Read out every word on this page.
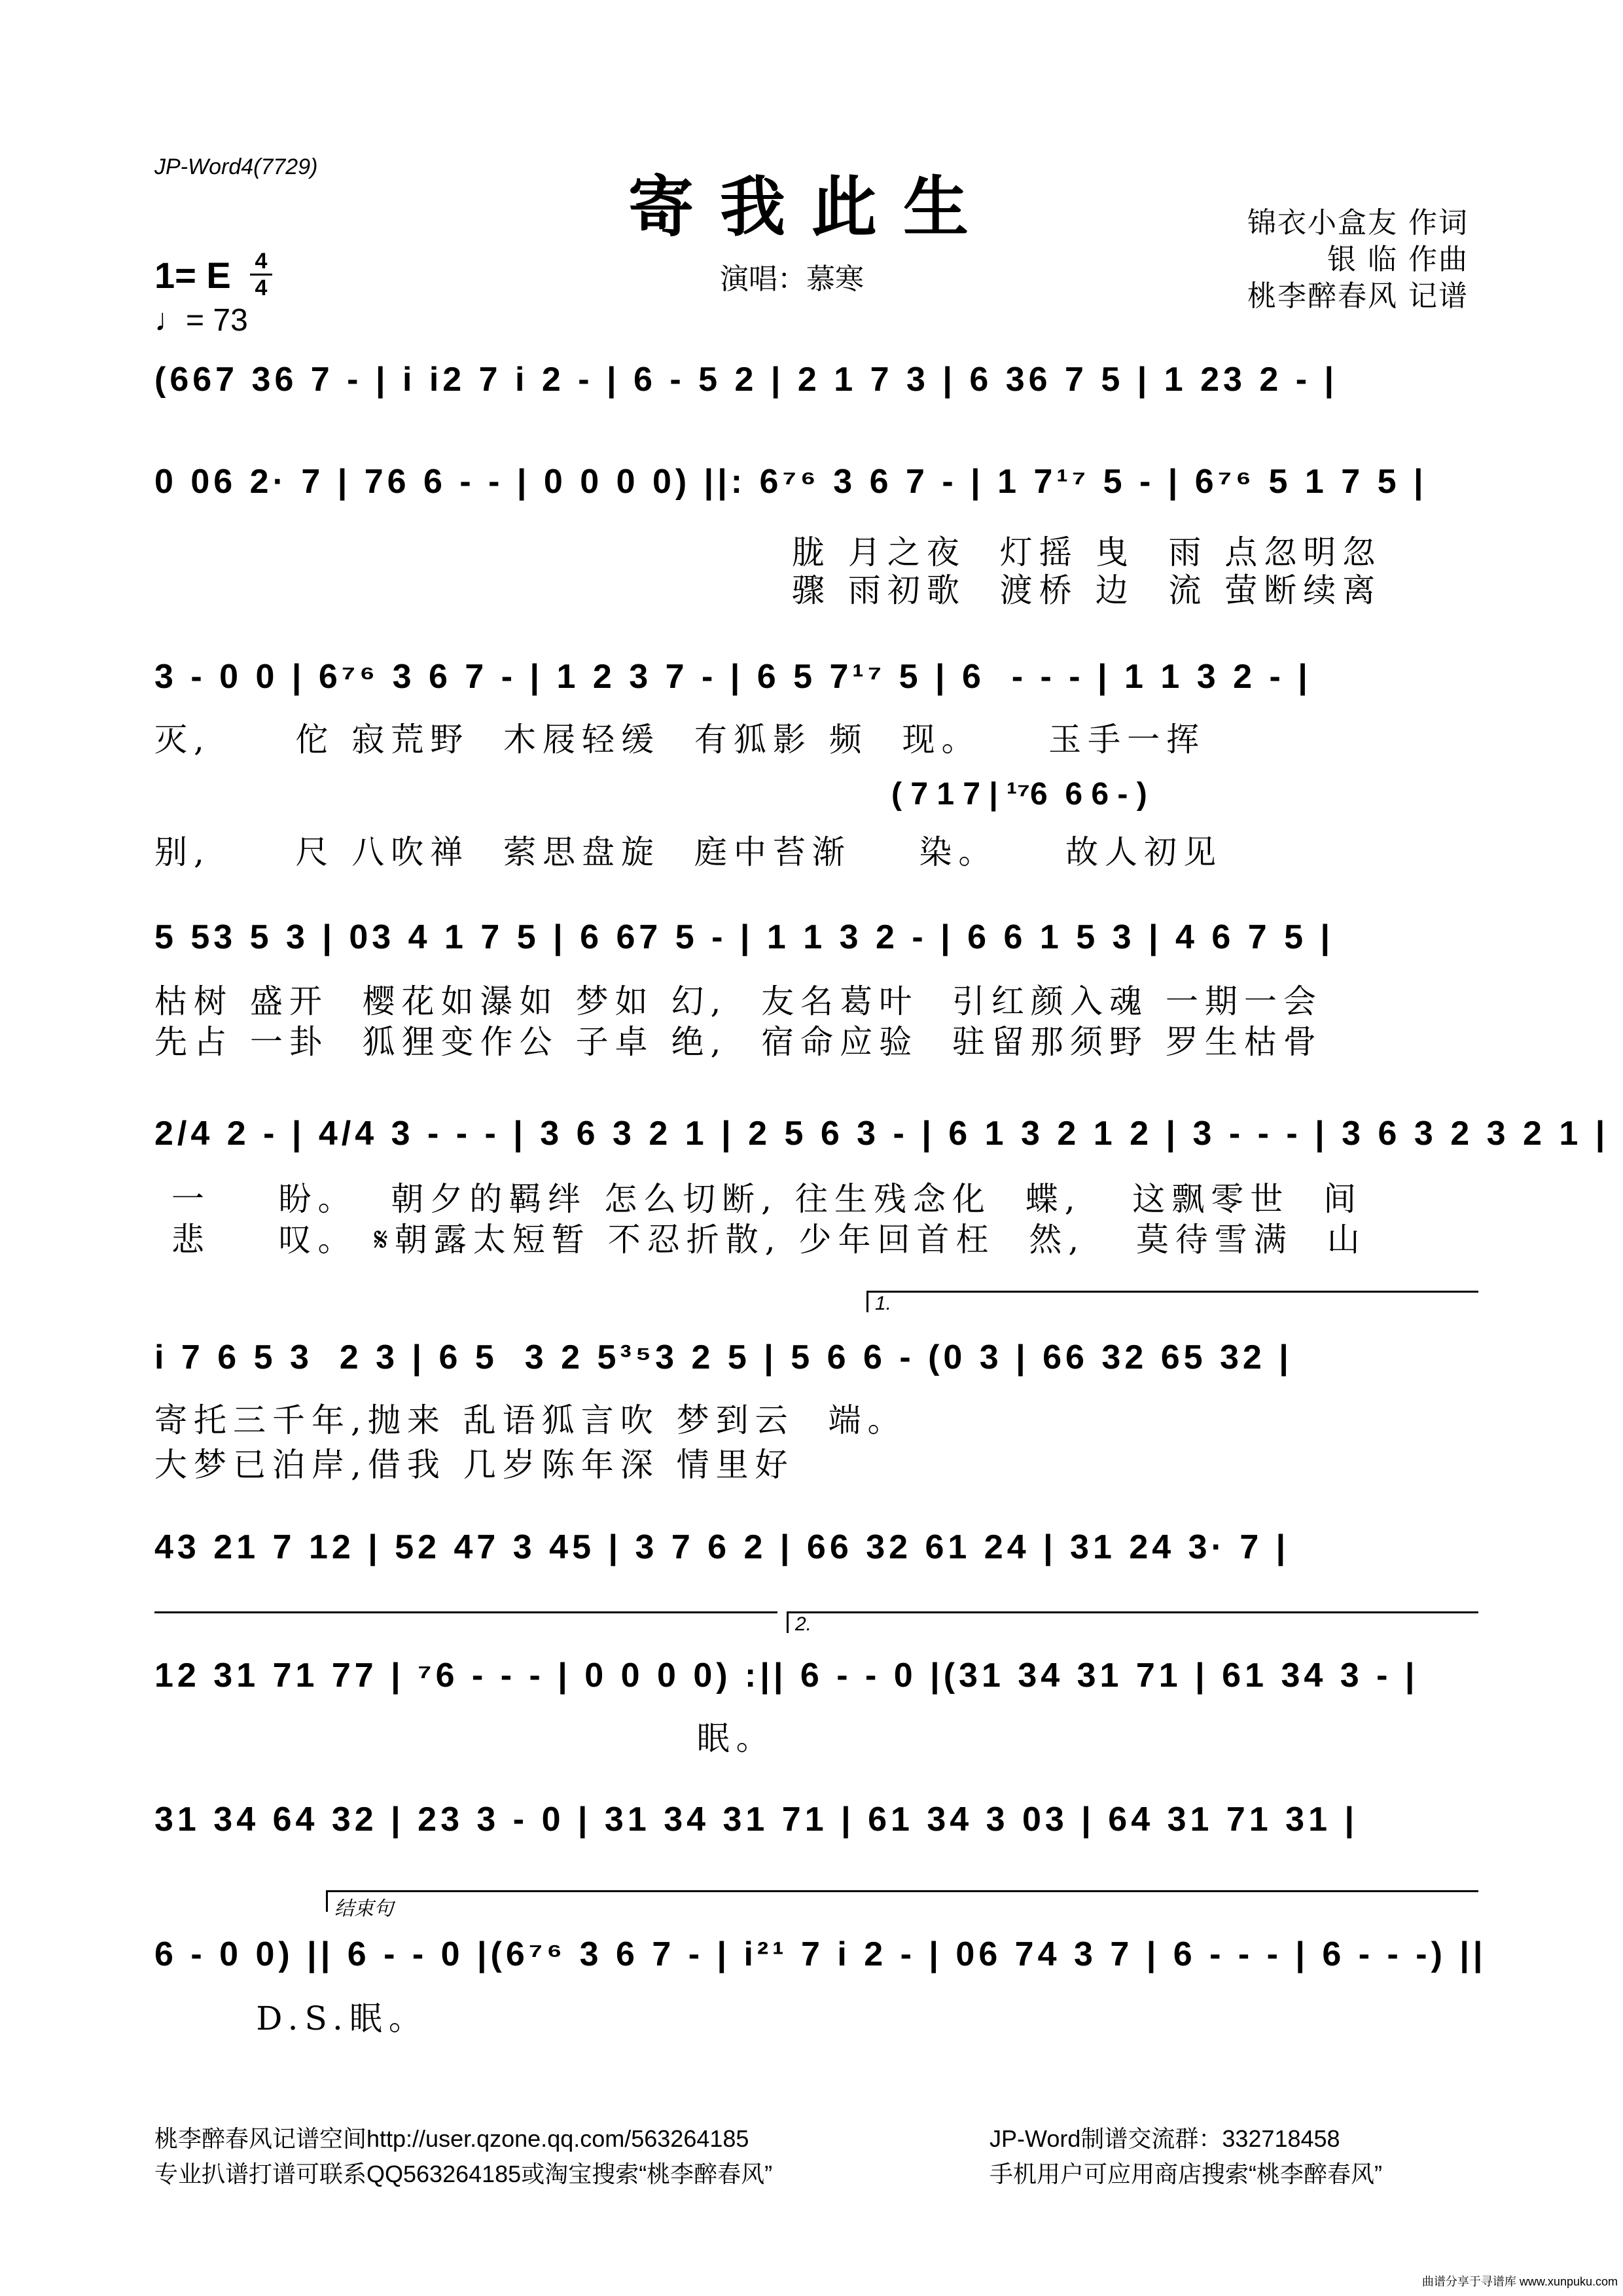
JP-Word4(7729)
寄我此生
演唱：慕寒
锦衣小盒友 作词
银 临 作曲
桃李醉春风 记谱
1= E 4
4
♩= 73
(667 36 7 - | i i2 7 i 2 - | 6 - 5 2 | 2 1 7 3 | 6 36 7 5 | 1 23 2 - |
0 06 2· 7 | 76 6 - - | 0 0 0 0) ||: 6⁷⁶ 3 6 7 - | 1 7¹⁷ 5 - | 6⁷⁶ 5 1 7 5 |
胧 月之夜  灯摇 曳  雨 点忽明忽
骤 雨初歌  渡桥 边  流 萤断续离
3 - 0 0 | 6⁷⁶ 3 6 7 - | 1 2 3 7 - | 6 5 7¹⁷ 5 | 6  - - - | 1 1 3 2 - |
灭,     佗 寂荒野  木屐轻缓  有狐影 频  现。    玉手一挥
( 7 1 7 | ¹⁷6  6 6 - )
别,     尺 八吹禅  萦思盘旋  庭中苔渐    染。    故人初见
5 53 5 3 | 03 4 1 7 5 | 6 67 5 - | 1 1 3 2 - | 6 6 1 5 3 | 4 6 7 5 |
枯树 盛开  樱花如瀑如 梦如 幻,  友名葛叶  引红颜入魂 一期一会
先占 一卦  狐狸变作公 子卓 绝,  宿命应验  驻留那须野 罗生枯骨
2/4 2 - | 4/4 3 - - - | 3 6 3 2 1 | 2 5 6 3 - | 6 1 3 2 1 2 | 3 - - - | 3 6 3 2 3 2 1 |
一    盼。  朝夕的羁绊 怎么切断, 往生残念化  蝶,   这飘零世  间
悲    叹。 𝄋朝露太短暂 不忍折散, 少年回首枉  然,   莫待雪满  山
1.
i 7 6 5 3  2 3 | 6 5  3 2 5³⁵3 2 5 | 5 6 6 - (0 3 | 66 32 65 32 |
寄托三千年,抛来 乱语狐言吹 梦到云  端。
大梦已泊岸,借我 几岁陈年深 情里好
43 21 7 12 | 52 47 3 45 | 3 7 6 2 | 66 32 61 24 | 31 24 3· 7 |
2.
12 31 71 77 | ⁷6 - - - | 0 0 0 0) :|| 6 - - 0 |(31 34 31 71 | 61 34 3 - |
眠。
31 34 64 32 | 23 3 - 0 | 31 34 31 71 | 61 34 3 03 | 64 31 71 31 |
结束句
6 - 0 0) || 6 - - 0 |(6⁷⁶ 3 6 7 - | i²¹ 7 i 2 - | 06 74 3 7 | 6 - - - | 6 - - -) ||
D.S.眠。
桃李醉春风记谱空间http://user.qzone.qq.com/563264185
专业扒谱打谱可联系QQ563264185或淘宝搜索“桃李醉春风”
JP-Word制谱交流群：332718458
手机用户可应用商店搜索“桃李醉春风”
曲谱分享于寻谱库 www.xunpuku.com
